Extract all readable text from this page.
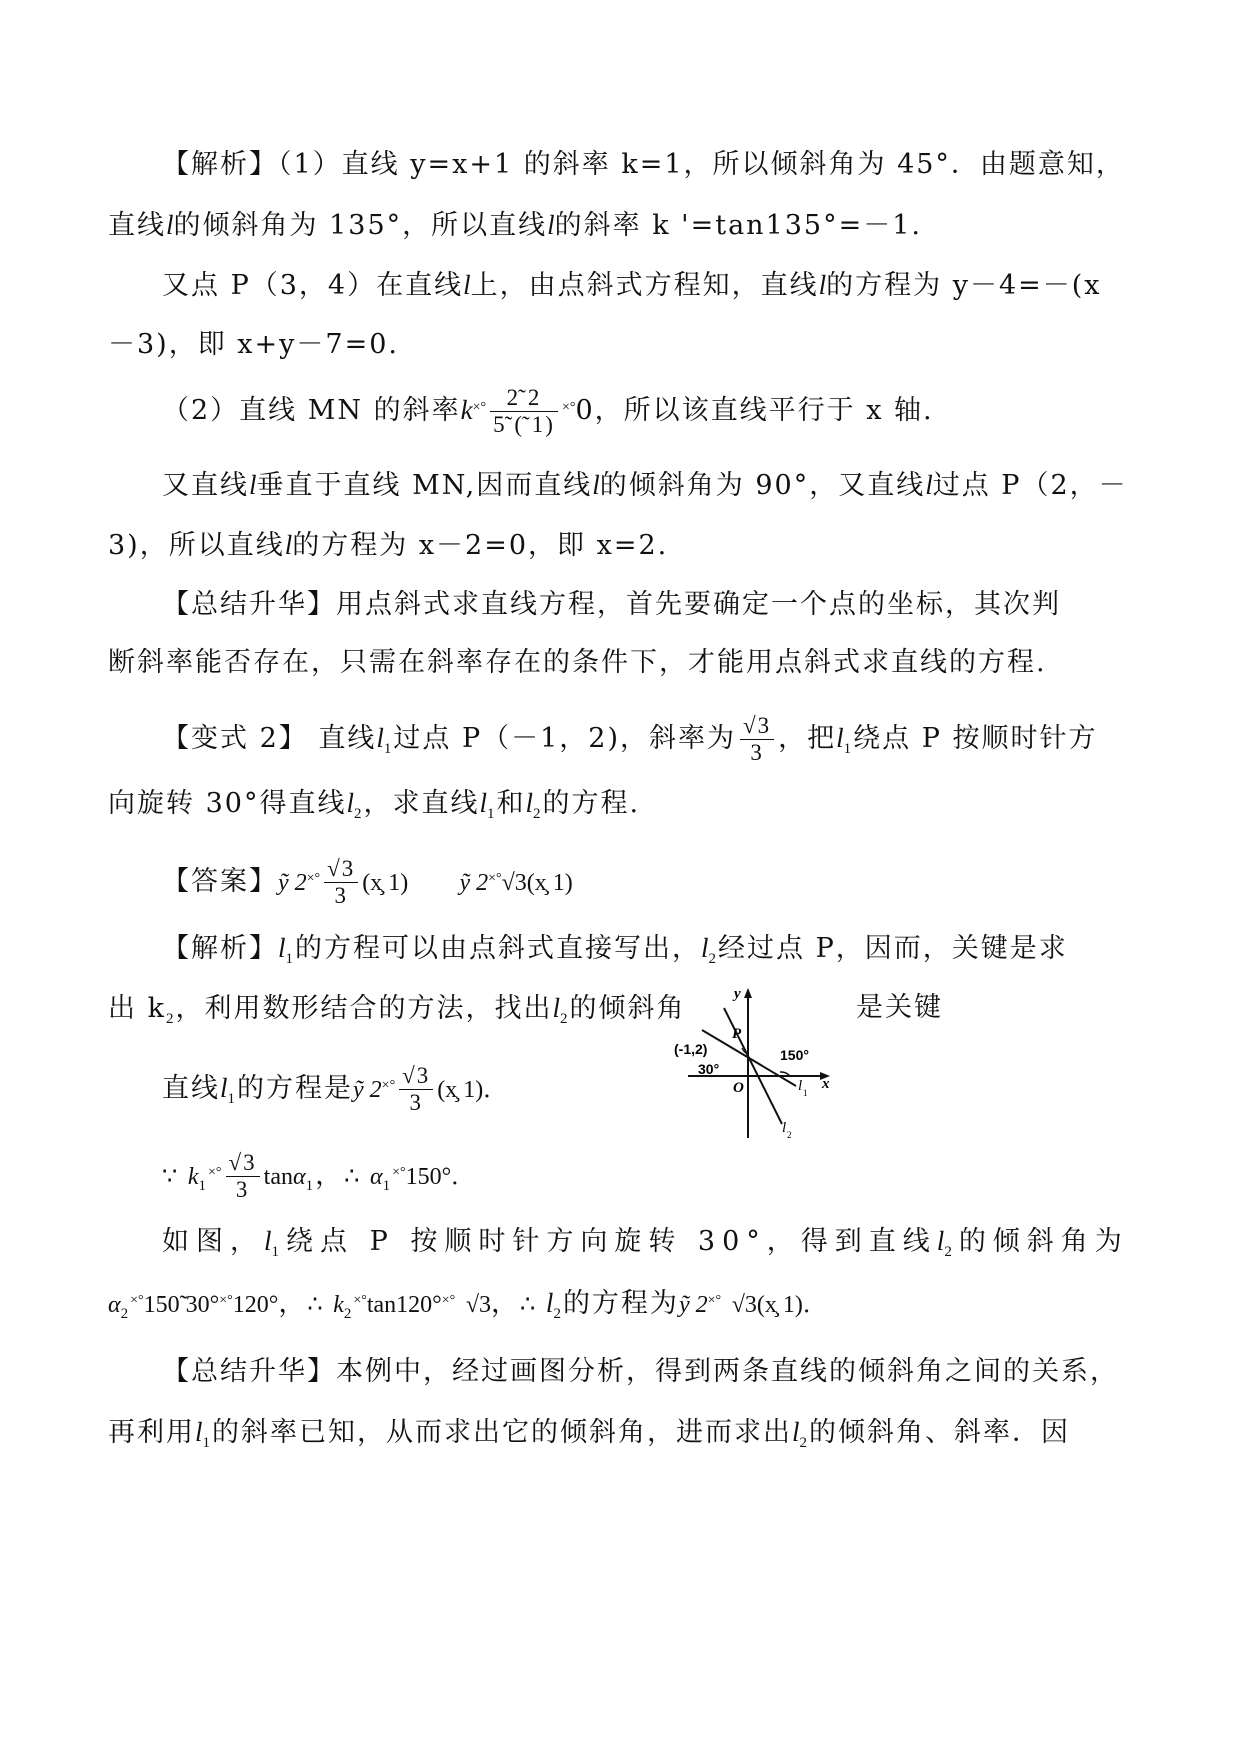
【解析】（1）直线 y=x+1 的斜率 k=1，所以倾斜角为 45°．由题意知，
直线l的倾斜角为 135°，所以直线l的斜率 k '=tan135°=－1.
又点 P（3，4）在直线l上，由点斜式方程知，直线l的方程为 y－4=－(x
－3)，即 x+y－7=0.
（2）直线 MN 的斜率$k^{\times^\circ} \frac{2̃ 2}{5̃ (̃ 1)} ^{\times^\circ}0$，所以该直线平行于 x 轴.
又直线l垂直于直线 MN,因而直线l的倾斜角为 90°，又直线l过点 P（2，－
3)，所以直线l的方程为 x－2=0，即 x=2.
【总结升华】用点斜式求直线方程，首先要确定一个点的坐标，其次判
断斜率能否存在，只需在斜率存在的条件下，才能用点斜式求直线的方程.
【变式 2】 直线$l_1$过点 P（－1，2)，斜率为 $\frac{√3}{3}$ ，把$l_1$绕点 P 按顺时针方
向旋转 30°得直线$l_2$，求直线$l_1$和$l_2$的方程.
【答案】ỹ $2^{\times^\circ} \frac{√3}{3}$ (x̧ 1) ỹ 2×°√3(x̧ 1)
【解析】$l_1$的方程可以由点斜式直接写出，$l_2$经过点 P，因而，关键是求
出 $k_2$，利用数形结合的方法，找出$l_2$的倾斜角	是关键
直线$l_1$的方程是ỹ $2^{\times^\circ} \frac{√3}{3}$ (x̧ 1)．
∵ $k_1^{\times^\circ} \frac{√3}{3} \tan\alpha_1$，∴ $\alpha_1^{\times^\circ}150^\circ$．
如图，$l_1$绕点 P 按顺时针方向旋转 30°，得到直线$l_2$的倾斜角为
$\alpha_2^{\times^\circ}150̃$ 30°×°120°，∴ $k_2^{\times^\circ}\tan 120^\circ^{\times^\circ}$ √3，∴ $l_2$的方程为ỹ 2×° √3(x̧ 1)．
【总结升华】本例中，经过画图分析，得到两条直线的倾斜角之间的关系，
再利用$l_1$的斜率已知，从而求出它的倾斜角，进而求出$l_2$的倾斜角、斜率．因
y
x
O
P
(-1,2)
30°
150°
l 1
l 2
